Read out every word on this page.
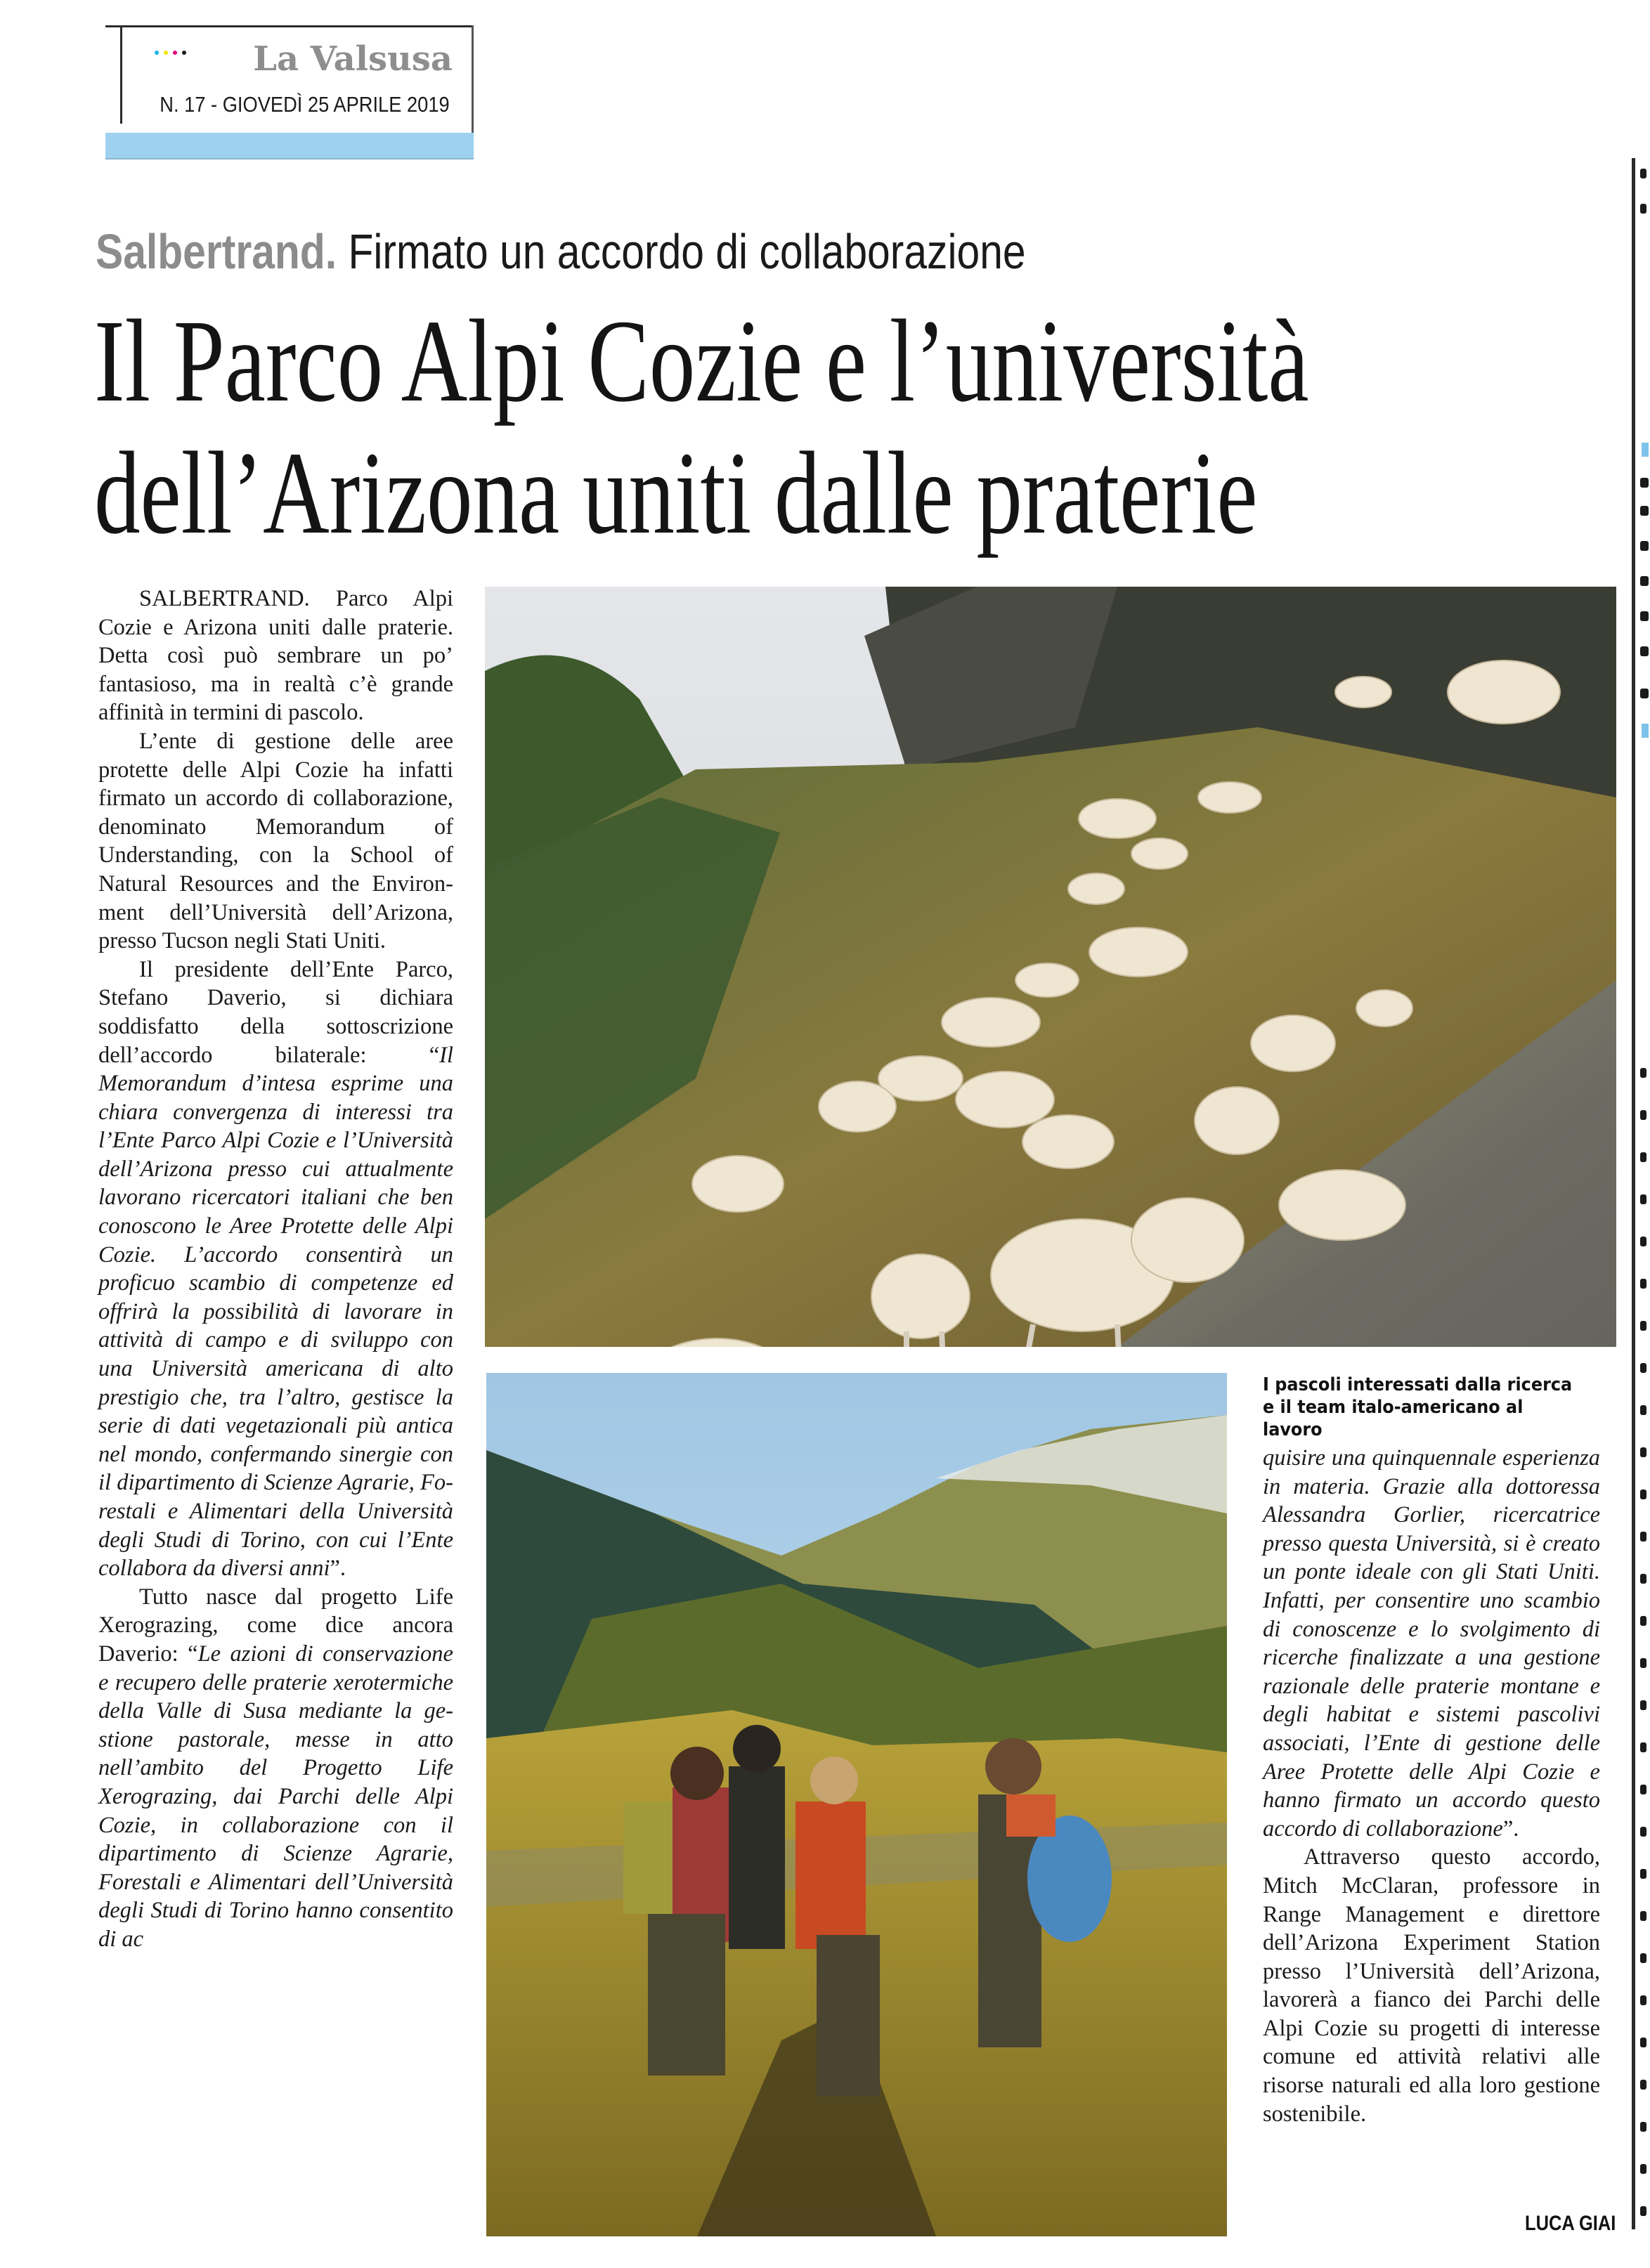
La Valsusa
N. 17 - GIOVEDÌ 25 APRILE 2019
Salbertrand. Firmato un accordo di collaborazione
Il Parco Alpi Cozie e l’università
dell’Arizona uniti dalle praterie

SALBERTRAND. Parco Alpi Cozie e Arizona uniti dalle praterie. Detta così può sembrare un po’ fantasioso, ma in realtà c’è grande affinità in termini di pascolo.

L’ente di gestione delle aree protette delle Alpi Cozie ha infatti firmato un accordo di collaborazione, denominato Memorandum of Understanding, con la School of Natural Resources and the Environment dell’Università dell’Arizona, presso Tucson negli Stati Uniti.

Il presidente dell’Ente Parco, Stefano Daverio, si dichiara soddisfatto della sottoscrizione dell’accordo bilaterale: “Il Memorandum d’intesa esprime una chiara convergenza di interessi tra l’Ente Parco Alpi Cozie e l’Università dell’Arizona presso cui attualmente lavorano ricercatori italiani che ben conoscono le Aree Protette delle Alpi Cozie. L’accordo consentirà un proficuo scambio di competenze ed offrirà la possibilità di lavorare in attività di campo e di sviluppo con una Università americana di alto prestigio che, tra l’altro, gestisce la serie di dati vegetazionali più antica nel mondo, confermando sinergie con il dipartimento di Scienze Agrarie, Forestali e Alimentari della Università degli Studi di Torino, con cui l’Ente collabora da diversi anni”.

Tutto nasce dal progetto Life Xerograzing, come dice ancora Daverio: “Le azioni di conservazione e recupero delle praterie xerotermiche della Valle di Susa mediante la gestione pastorale, messe in atto nell’ambito del Progetto Life Xerograzing, dai Parchi delle Alpi Cozie, in collaborazione con il dipartimento di Scienze Agrarie, Forestali e Alimentari dell’Università degli Studi di Torino hanno consentito di ac

I pascoli interessati dalla ricerca e il team italo-americano al lavoro

quisire una quinquennale esperienza in materia. Grazie alla dottoressa Alessandra Gorlier, ricercatrice presso questa Università, si è creato un ponte ideale con gli Stati Uniti. Infatti, per consentire uno scambio di conoscenze e lo svolgimento di ricerche finalizzate a una gestione razionale delle praterie montane e degli habitat e sistemi pascolivi associati, l’Ente di gestione delle Aree Protette delle Alpi Cozie e hanno firmato un accordo questo accordo di collaborazione”.

Attraverso questo accordo, Mitch McClaran, professore in Range Management e direttore dell’Arizona Experiment Station presso l’Università dell’Arizona, lavorerà a fianco dei Parchi delle Alpi Cozie su progetti di interesse comune ed attività relativi alle risorse naturali ed alla loro gestione sostenibile.

LUCA GIAI
